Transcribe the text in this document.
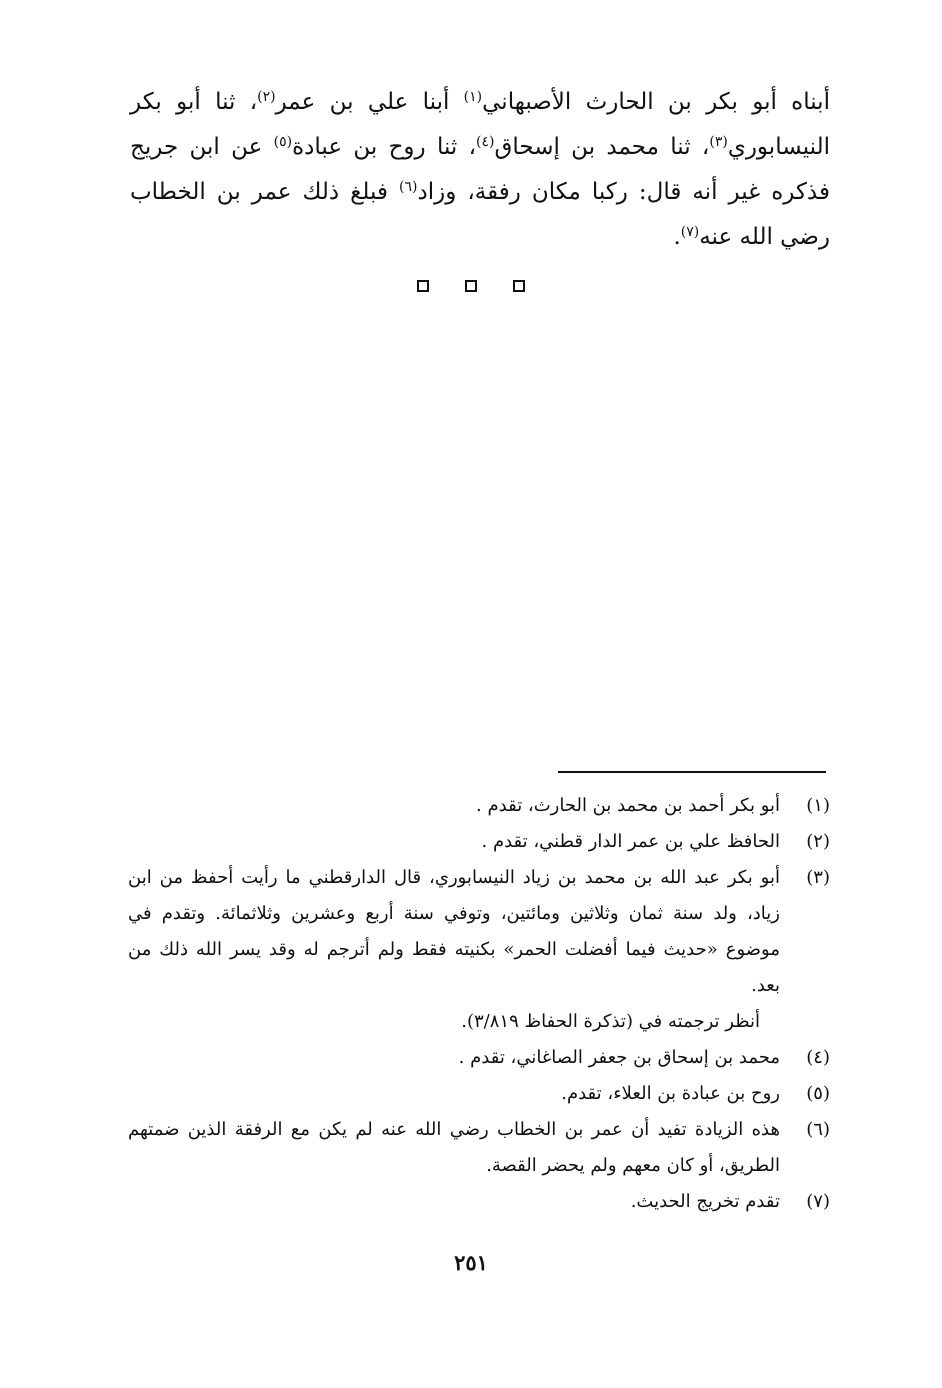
أبناه أبو بكر بن الحارث الأصبهاني$^{(١)}$ أبنا علي بن عمر$^{(٢)}$، ثنا أبو بكر النيسابوري$^{(٣)}$، ثنا محمد بن إسحاق$^{(٤)}$، ثنا روح بن عبادة$^{(٥)}$ عن ابن جريج فذكره غير أنه قال: ركبا مكان رفقة، وزاد$^{(٦)}$ فبلغ ذلك عمر بن الخطاب رضي الله عنه$^{(٧)}$.
(١)
أبو بكر أحمد بن محمد بن الحارث، تقدم .
(٢)
الحافظ علي بن عمر الدار قطني، تقدم .
(٣)
أبو بكر عبد الله بن محمد بن زياد النيسابوري، قال الدارقطني ما رأيت أحفظ من ابن زياد، ولد سنة ثمان وثلاثين ومائتين، وتوفي سنة أربع وعشرين وثلاثمائة. وتقدم في موضوع «حديث فيما أفضلت الحمر» بكنيته فقط ولم أترجم له وقد يسر الله ذلك من بعد.
أنظر ترجمته في (تذكرة الحفاظ ٣/٨١٩).
(٤)
محمد بن إسحاق بن جعفر الصاغاني، تقدم .
(٥)
روح بن عبادة بن العلاء، تقدم.
(٦)
هذه الزيادة تفيد أن عمر بن الخطاب رضي الله عنه لم يكن مع الرفقة الذين ضمتهم الطريق، أو كان معهم ولم يحضر القصة.
(٧)
تقدم تخريج الحديث.
٢٥١
